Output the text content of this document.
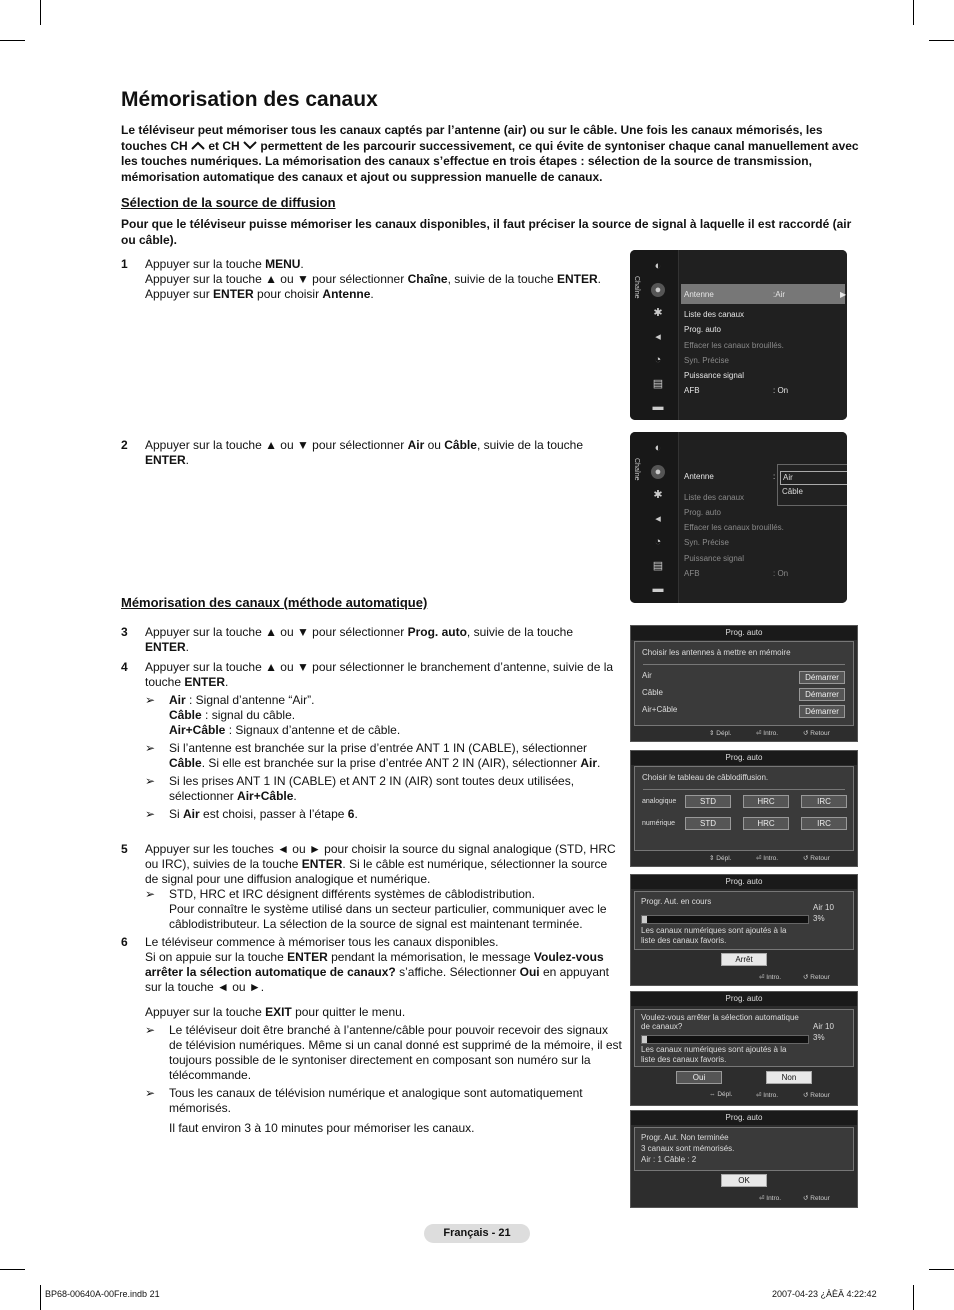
Mémorisation des canaux

Le téléviseur peut mémoriser tous les canaux captés par l’antenne (air) ou sur le câble. Une fois les canaux mémorisés, les touches CH  et CH  permettent de les parcourir successivement, ce qui évite de syntoniser chaque canal manuellement avec les touches numériques. La mémorisation des canaux s’effectue en trois étapes : sélection de la source de transmission, mémorisation automatique des canaux et ajout ou suppression manuelle de canaux.

Sélection de la source de diffusion

Pour que le téléviseur puisse mémoriser les canaux disponibles, il faut préciser la source de signal à laquelle il est raccordé (air ou câble).

1 Appuyer sur la touche MENU.
Appuyer sur la touche ▲ ou ▼ pour sélectionner Chaîne, suivie de la touche ENTER.
Appuyer sur ENTER pour choisir Antenne.
2 Appuyer sur la touche ▲ ou ▼ pour sélectionner Air ou Câble, suivie de la touche
ENTER.
Mémorisation des canaux (méthode automatique)
3 Appuyer sur la touche ▲ ou ▼ pour sélectionner Prog. auto, suivie de la touche
ENTER.
4 Appuyer sur la touche ▲ ou ▼ pour sélectionner le branchement d’antenne, suivie de la touche ENTER.
➢ Air : Signal d’antenne “Air”.
Câble : signal du câble.
Air+Câble : Signaux d’antenne et de câble.
➢ Si l’antenne est branchée sur la prise d’entrée ANT 1 IN (CABLE), sélectionner Câble. Si elle est branchée sur la prise d’entrée ANT 2 IN (AIR), sélectionner Air.
➢ Si les prises ANT 1 IN (CABLE) et ANT 2 IN (AIR) sont toutes deux utilisées, sélectionner Air+Câble.
➢ Si Air est choisi, passer à l’étape 6.
5 Appuyer sur les touches ◄ ou ► pour choisir la source du signal analogique (STD, HRC ou IRC), suivies de la touche ENTER. Si le câble est numérique, sélectionner la source de signal pour une diffusion analogique et numérique.
➢ STD, HRC et IRC désignent différents systèmes de câblodistribution.
Pour connaître le système utilisé dans un secteur particulier, communiquer avec le câblodistributeur. La sélection de la source de signal est maintenant terminée.
6 Le téléviseur commence à mémoriser tous les canaux disponibles.
Si on appuie sur la touche ENTER pendant la mémorisation, le message Voulez-vous arrêter la sélection automatique de canaux? s’affiche. Sélectionner Oui en appuyant sur la touche ◄ ou ►.
Appuyer sur la touche EXIT pour quitter le menu.
➢ Le téléviseur doit être branché à l’antenne/câble pour pouvoir recevoir des signaux de télévision numériques. Même si un canal donné est supprimé de la mémoire, il est toujours possible de le syntoniser directement en composant son numéro sur la télécommande.
➢ Tous les canaux de télévision numérique et analogique sont automatiquement mémorisés.
Il faut environ 3 à 10 minutes pour mémoriser les canaux.
Chaîne
◐
●
✱
◂
◔
▤
▬
Antenne	:Air	▶
Liste des canaux
Prog. auto
Effacer les canaux brouillés.
Syn. Précise
Puissance signal
AFB	: On
Chaîne
◐
●
✱
◂
◔
▤
▬
Antenne	:
Liste des canaux
Prog. auto
Effacer les canaux brouillés.
Syn. Précise
Puissance signal
AFB	: On
Air
Câble
Prog. auto
Choisir les antennes à mettre en mémoire
Air	Démarrer
Câble	Démarrer
Air+Câble	Démarrer
⇕ Dépl.	⏎ Intro.	↺ Retour
Prog. auto
Choisir le tableau de câblodiffusion.
analogique	STD	HRC	IRC
numérique	STD	HRC	IRC
⇕ Dépl.	⏎ Intro.	↺ Retour
Prog. auto
Progr. Aut. en cours
Air 10
3%
Les canaux numériques sont ajoutés à la
liste des canaux favoris.
Arrêt
⏎ Intro.	↺ Retour
Prog. auto
Voulez-vous arrêter la sélection automatique
de canaux?	Air 10
3%
Les canaux numériques sont ajoutés à la
liste des canaux favoris.
Oui	Non
⇔ Dépl.	⏎ Intro.	↺ Retour
Prog. auto
Progr. Aut. Non terminée
3 canaux sont mémorisés.
Air : 1 Câble : 2
OK
⏎ Intro.	↺ Retour
Français - 21
BP68-00640A-00Fre.indb 21	2007-04-23 ¿ÀÈÄ 4:22:42
